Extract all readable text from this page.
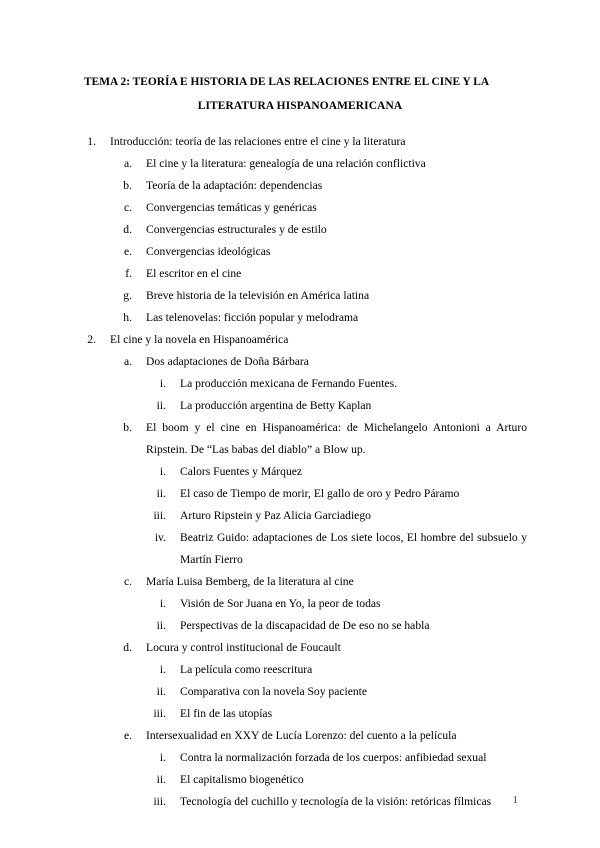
TEMA 2: TEORÍA E HISTORIA DE LAS RELACIONES ENTRE EL CINE Y LA
LITERATURA HISPANOAMERICANA
1. Introducción: teoría de las relaciones entre el cine y la literatura
a. El cine y la literatura: genealogía de una relación conflictiva
b. Teoría de la adaptación: dependencias
c. Convergencias temáticas y genéricas
d. Convergencias estructurales y de estilo
e. Convergencias ideológicas
f. El escritor en el cine
g. Breve historia de la televisión en América latina
h. Las telenovelas: ficción popular y melodrama
2. El cine y la novela en Hispanoamérica
a. Dos adaptaciones de Doña Bárbara
i. La producción mexicana de Fernando Fuentes.
ii. La producción argentina de Betty Kaplan
b. El boom y el cine en Hispanoamérica: de Michelangelo Antonioni a Arturo Ripstein. De “Las babas del diablo” a Blow up.
i. Calors Fuentes y Márquez
ii. El caso de Tiempo de morir, El gallo de oro y Pedro Páramo
iii. Arturo Ripstein y Paz Alicia Garciadiego
iv. Beatriz Guido: adaptaciones de Los siete locos, El hombre del subsuelo y Martín Fierro
c. María Luisa Bemberg, de la literatura al cine
i. Visión de Sor Juana en Yo, la peor de todas
ii. Perspectivas de la discapacidad de De eso no se habla
d. Locura y control institucional de Foucault
i. La película como reescritura
ii. Comparativa con la novela Soy paciente
iii. El fin de las utopías
e. Intersexualidad en XXY de Lucía Lorenzo: del cuento a la película
i. Contra la normalización forzada de los cuerpos: anfibiedad sexual
ii. El capitalismo biogenético
iii. Tecnología del cuchillo y tecnología de la visión: retóricas fílmicas	1
